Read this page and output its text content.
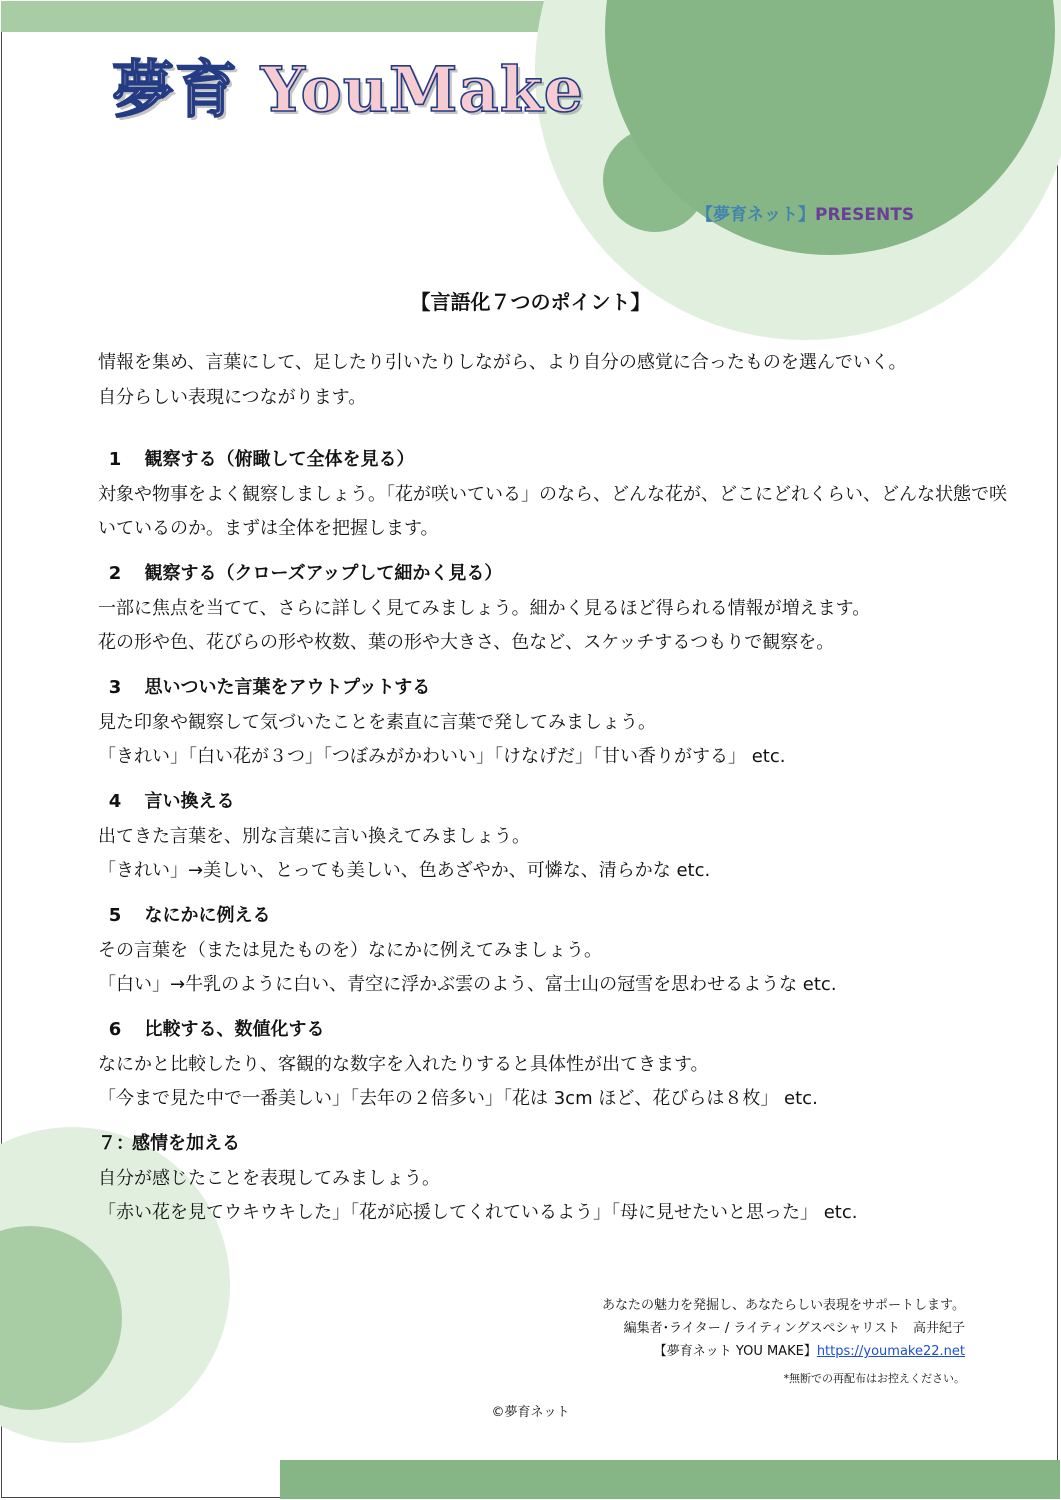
夢育 YouMake
【夢育ネット】PRESENTS
【言語化７つのポイント】

情報を集め、言葉にして、足したり引いたりしながら、より自分の感覚に合ったものを選んでいく。

自分らしい表現につながります。

1 観察する（俯瞰して全体を見る）

対象や物事をよく観察しましょう。「花が咲いている」のなら、どんな花が、どこにどれくらい、どんな状態で咲

いているのか。まずは全体を把握します。

2 観察する（クローズアップして細かく見る）

一部に焦点を当てて、さらに詳しく見てみましょう。細かく見るほど得られる情報が増えます。

花の形や色、花びらの形や枚数、葉の形や大きさ、色など、スケッチするつもりで観察を。

3 思いついた言葉をアウトプットする

見た印象や観察して気づいたことを素直に言葉で発してみましょう。

「きれい」「白い花が３つ」「つぼみがかわいい」「けなげだ」「甘い香りがする」 etc.

4 言い換える

出てきた言葉を、別な言葉に言い換えてみましょう。

「きれい」→美しい、とっても美しい、色あざやか、可憐な、清らかな etc.

5 なにかに例える

その言葉を（または見たものを）なにかに例えてみましょう。

「白い」→牛乳のように白い、青空に浮かぶ雲のよう、富士山の冠雪を思わせるような etc.

6 比較する、数値化する

なにかと比較したり、客観的な数字を入れたりすると具体性が出てきます。

「今まで見た中で一番美しい」「去年の２倍多い」「花は 3cm ほど、花びらは８枚」 etc.

７：感情を加える

自分が感じたことを表現してみましょう。

「赤い花を見てウキウキした」「花が応援してくれているよう」「母に見せたいと思った」 etc.

あなたの魅力を発掘し、あなたらしい表現をサポートします。
編集者･ライター / ライティングスペシャリスト　高井紀子
【夢育ネット YOU MAKE】https://youmake22.net
*無断での再配布はお控えください。
©夢育ネット
